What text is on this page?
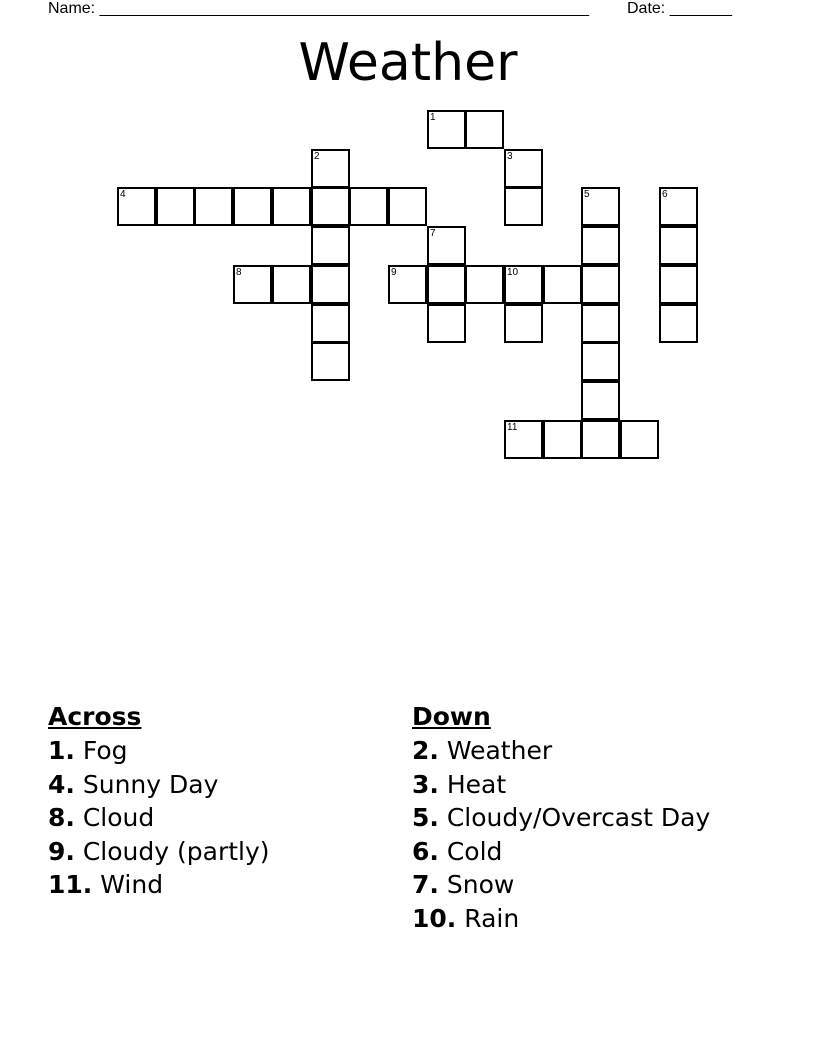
Name: _______________________________________________________ Date: _______
Weather
1
2	3
4	5	6
7
8	9	10
11
Across
1. Fog
4. Sunny Day
8. Cloud
9. Cloudy (partly)
11. Wind
Down
2. Weather
3. Heat
5. Cloudy/Overcast Day
6. Cold
7. Snow
10. Rain
